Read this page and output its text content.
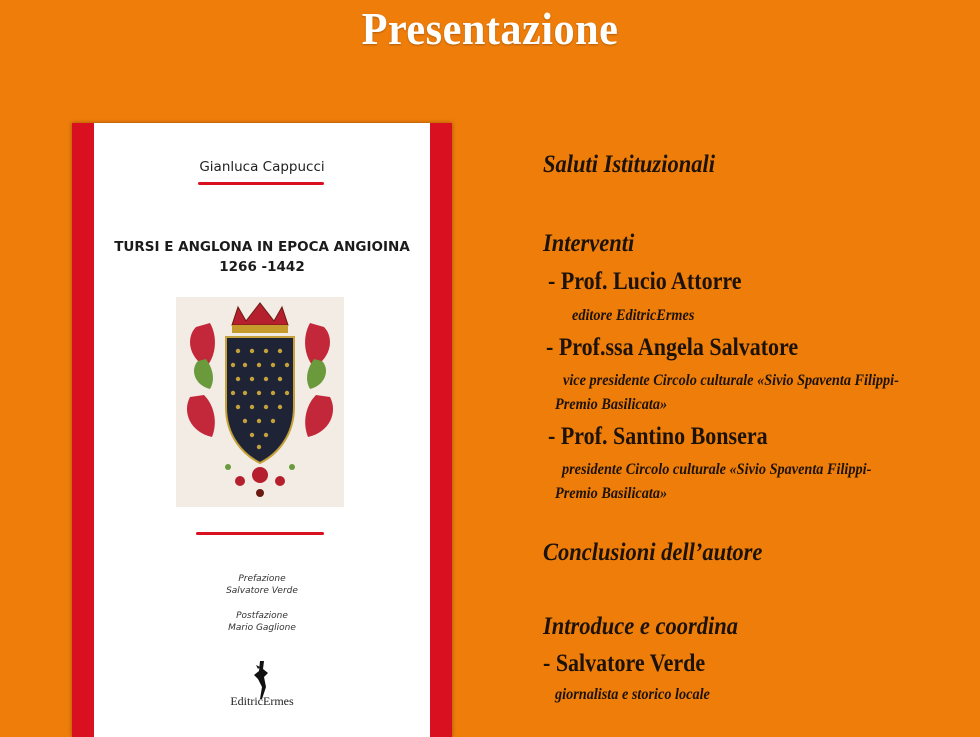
Presentazione
Gianluca Cappucci
TURSI E ANGLONA IN EPOCA ANGIOINA
1266 -1442
Prefazione
Salvatore Verde
Postfazione
Mario Gaglione
EditricErmes
Saluti Istituzionali
Interventi
- Prof. Lucio Attorre
editore EditricErmes
- Prof.ssa Angela Salvatore
vice presidente Circolo culturale «Sivio Spaventa Filippi-
Premio Basilicata»
- Prof. Santino Bonsera
presidente Circolo culturale «Sivio Spaventa Filippi-
Premio Basilicata»
Conclusioni dell’autore
Introduce e coordina
- Salvatore Verde
giornalista e storico locale
